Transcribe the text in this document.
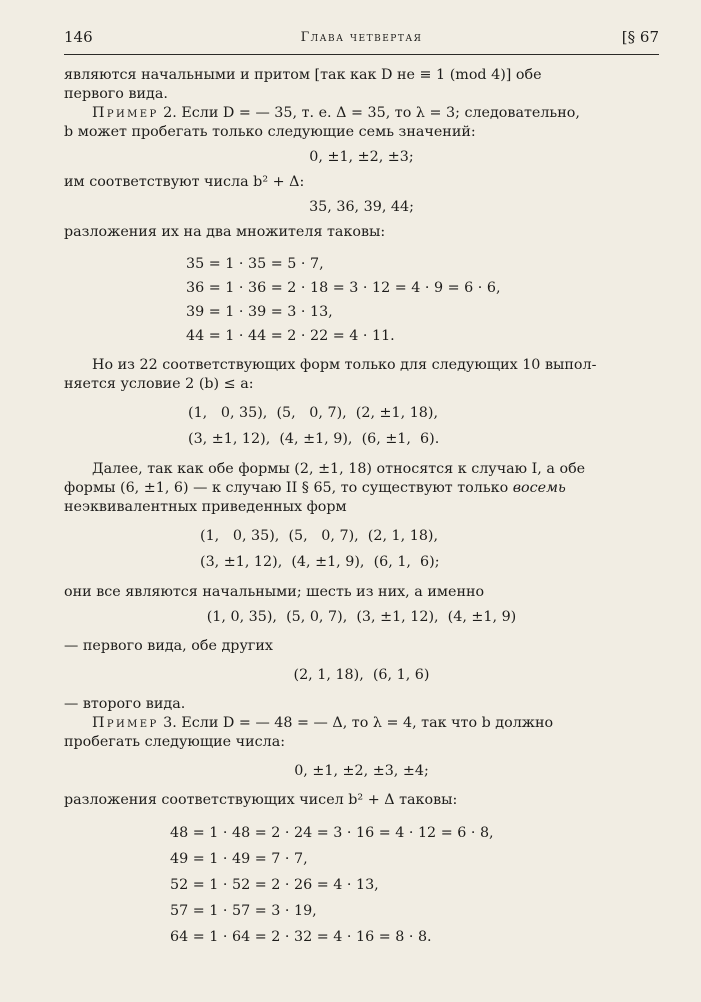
146	Глава четвертая	[§ 67

являются начальными и притом [так как D не ≡ 1 (mod 4)] обе

первого вида.

Пример 2. Если D = — 35, т. е. Δ = 35, то λ = 3; следовательно,

b может пробегать только следующие семь значений:

0, ±1, ±2, ±3;

им соответствуют числа b² + Δ:

35, 36, 39, 44;

разложения их на два множителя таковы:

35 = 1 · 35 = 5 · 7,
36 = 1 · 36 = 2 · 18 = 3 · 12 = 4 · 9 = 6 · 6,
39 = 1 · 39 = 3 · 13,
44 = 1 · 44 = 2 · 22 = 4 · 11.

Но из 22 соответствующих форм только для следующих 10 выпол-

няется условие 2 (b) ≤ a:

(1,   0, 35),  (5,   0, 7),  (2, ±1, 18),
(3, ±1, 12),  (4, ±1, 9),  (6, ±1,  6).

Далее, так как обе формы (2, ±1, 18) относятся к случаю I, а обе

формы (6, ±1, 6) — к случаю II § 65, то существуют только восемь

неэквивалентных приведенных форм

(1,   0, 35),  (5,   0, 7),  (2, 1, 18),
(3, ±1, 12),  (4, ±1, 9),  (6, 1,  6);

они все являются начальными; шесть из них, а именно

(1, 0, 35),  (5, 0, 7),  (3, ±1, 12),  (4, ±1, 9)

— первого вида, обе других

(2, 1, 18),  (6, 1, 6)

— второго вида.

Пример 3. Если D = — 48 = — Δ, то λ = 4, так что b должно

пробегать следующие числа:

0, ±1, ±2, ±3, ±4;

разложения соответствующих чисел b² + Δ таковы:

48 = 1 · 48 = 2 · 24 = 3 · 16 = 4 · 12 = 6 · 8,
49 = 1 · 49 = 7 · 7,
52 = 1 · 52 = 2 · 26 = 4 · 13,
57 = 1 · 57 = 3 · 19,
64 = 1 · 64 = 2 · 32 = 4 · 16 = 8 · 8.
